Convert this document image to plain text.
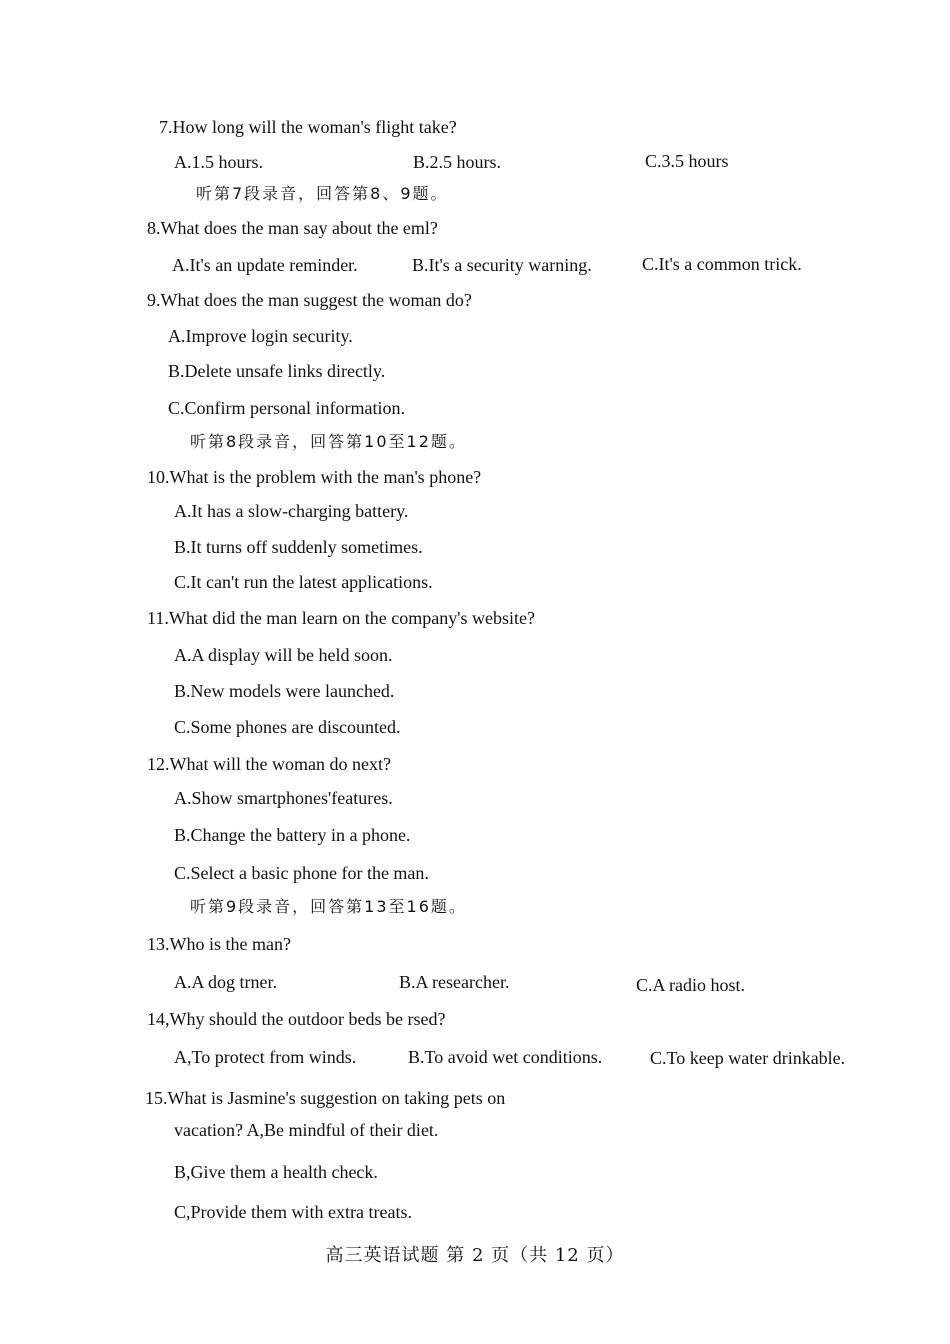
7.How long will the woman's flight take?
A.1.5 hours.	B.2.5 hours.	C.3.5 hours
听第7段录音，回答第8、9题。
8.What does the man say about the eml?
A.It's an update reminder.	B.It's a security warning.	C.It's a common trick.
9.What does the man suggest the woman do?
A.Improve login security.
B.Delete unsafe links directly.
C.Confirm personal information.
听第8段录音，回答第10至12题。
10.What is the problem with the man's phone?
A.It has a slow-charging battery.
B.It turns off suddenly sometimes.
C.It can't run the latest applications.
11.What did the man learn on the company's website?
A.A display will be held soon.
B.New models were launched.
C.Some phones are discounted.
12.What will the woman do next?
A.Show smartphones'features.
B.Change the battery in a phone.
C.Select a basic phone for the man.
听第9段录音，回答第13至16题。
13.Who is the man?
A.A dog trner.	B.A researcher.	C.A radio host.
14,Why should the outdoor beds be rsed?
A,To protect from winds.	B.To avoid wet conditions.	C.To keep water drinkable.
15.What is Jasmine's suggestion on taking pets on
vacation? A,Be mindful of their diet.
B,Give them a health check.
C,Provide them with extra treats.
高三英语试题 第 2 页（共 12 页）
